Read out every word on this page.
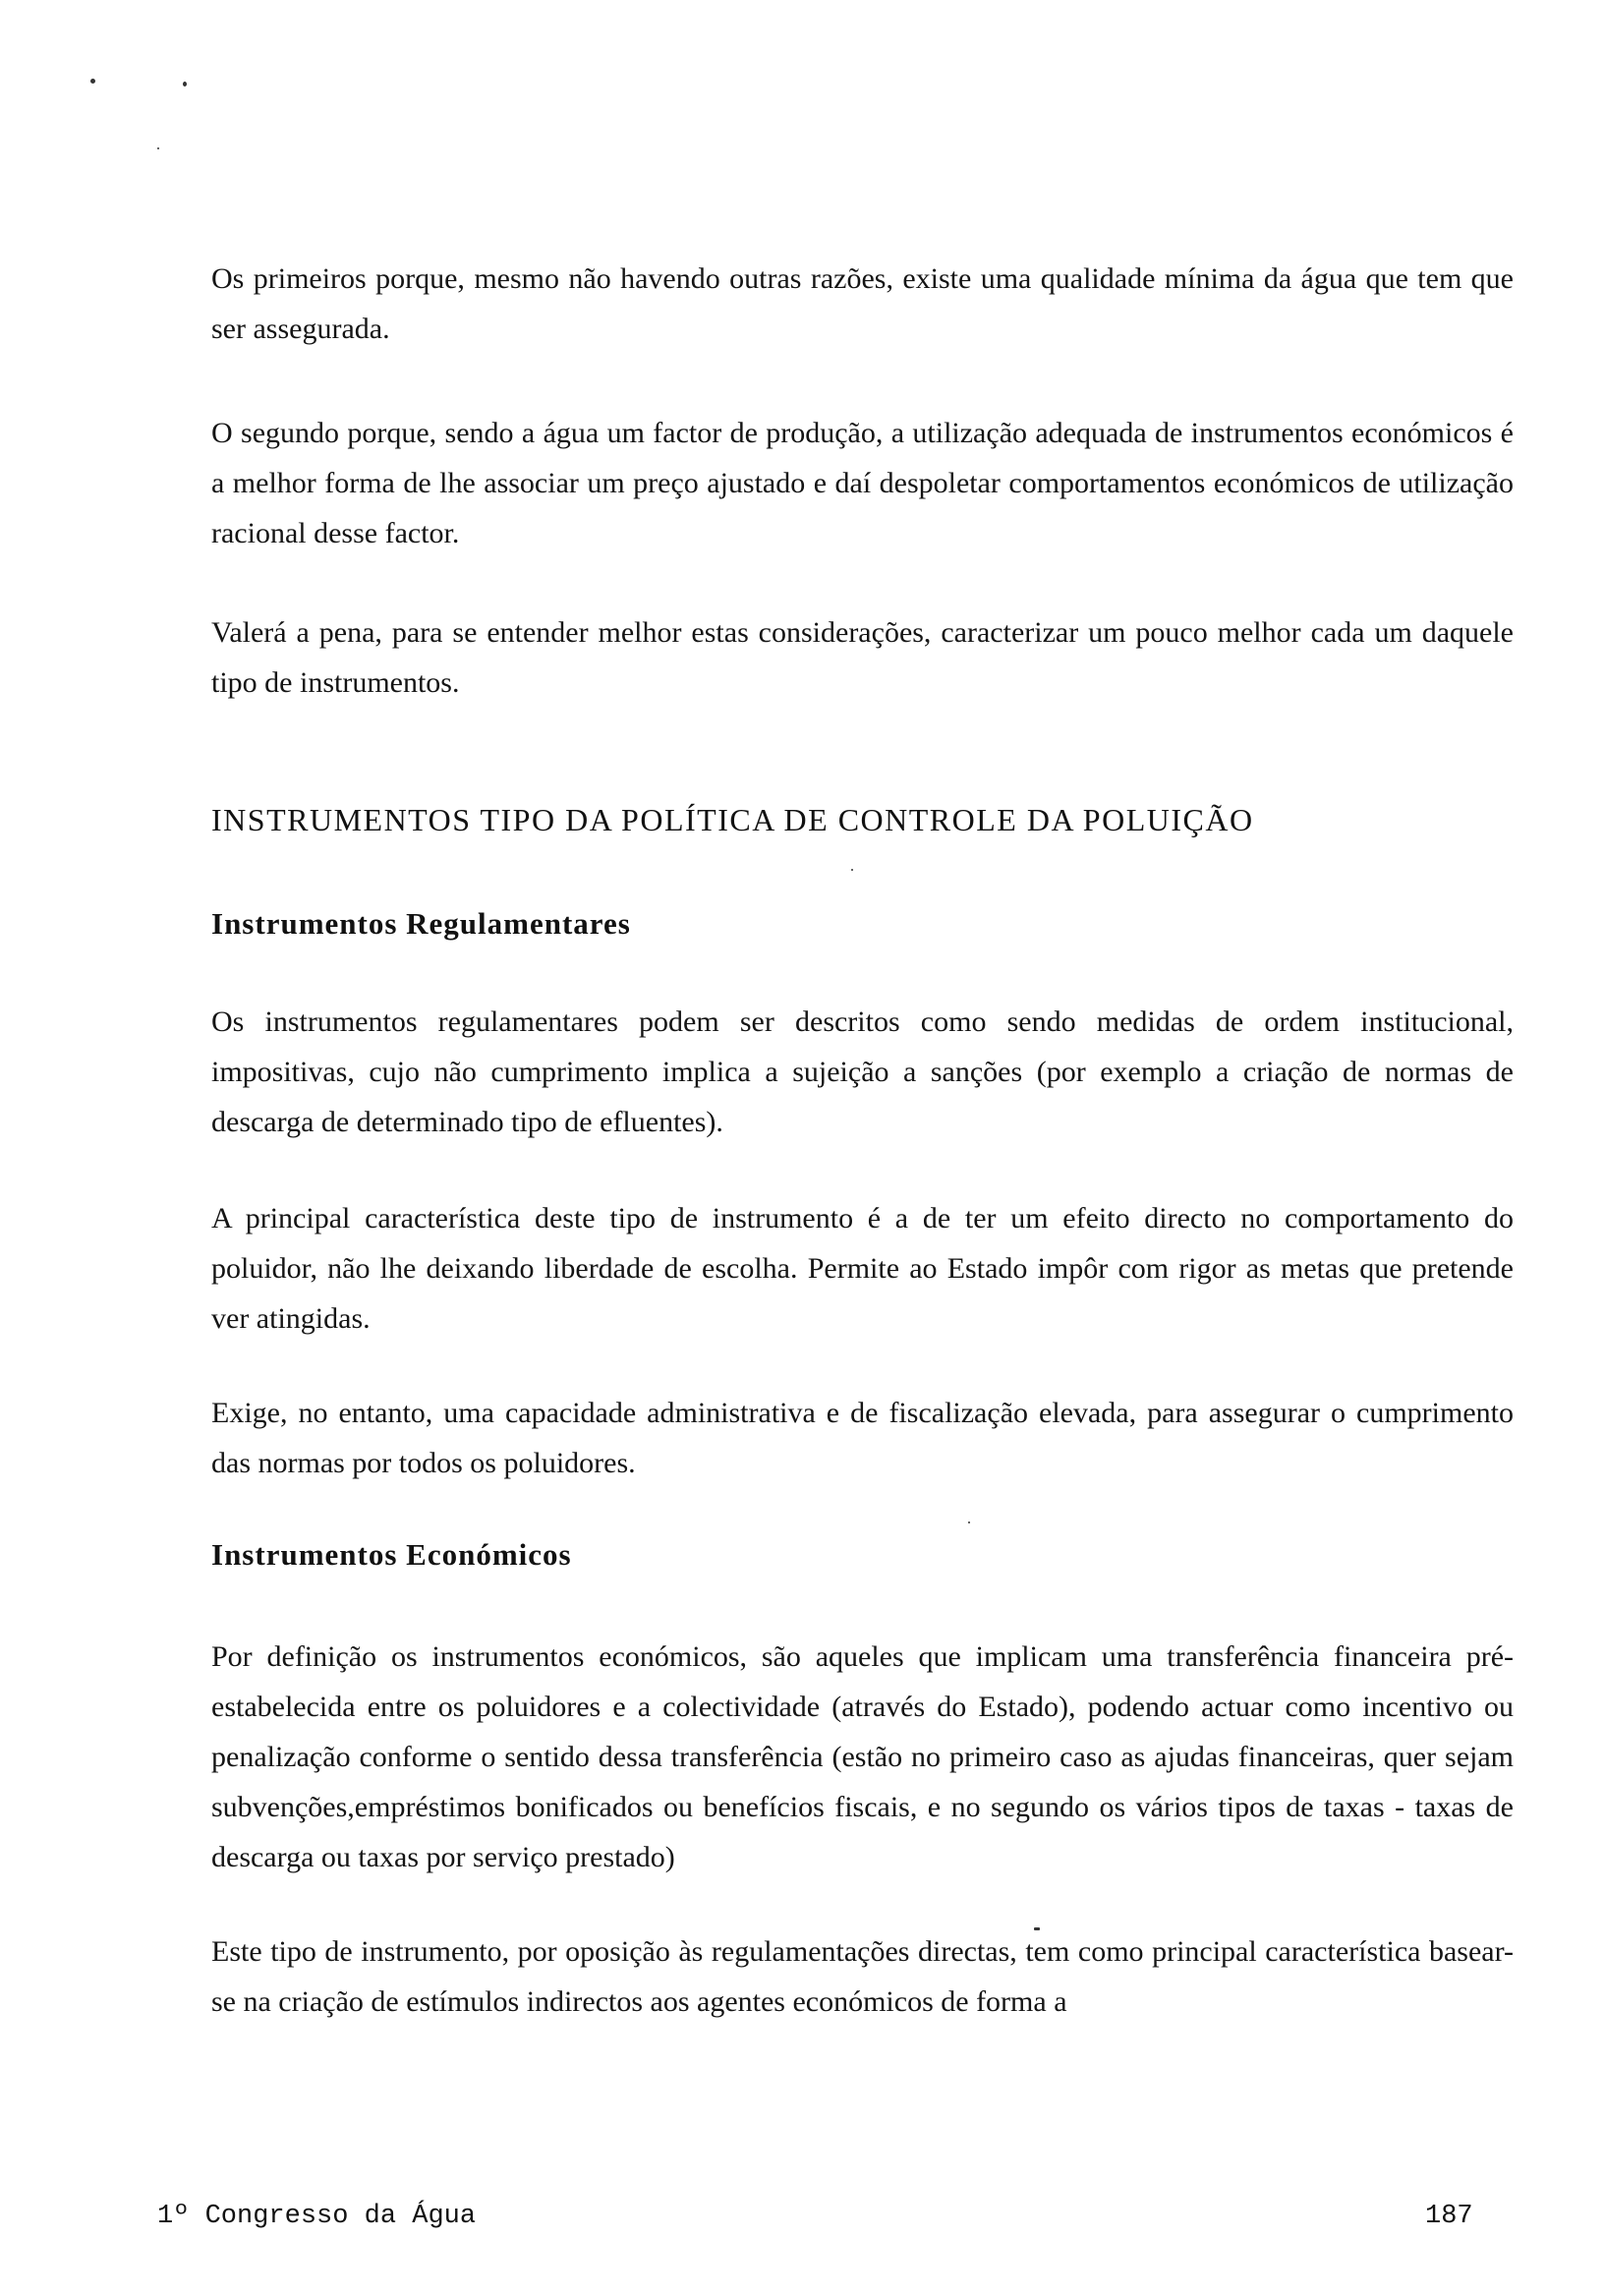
Os primeiros porque, mesmo não havendo outras razões, existe uma qualidade mínima da água que tem que ser assegurada.

O segundo porque, sendo a água um factor de produção, a utilização adequada de instrumentos económicos é a melhor forma de lhe associar um preço ajustado e daí despoletar comportamentos económicos de utilização racional desse factor.

Valerá a pena, para se entender melhor estas considerações, caracterizar um pouco melhor cada um daquele tipo de instrumentos.

INSTRUMENTOS TIPO DA POLÍTICA DE CONTROLE DA POLUIÇÃO
Instrumentos Regulamentares

Os instrumentos regulamentares podem ser descritos como sendo medidas de ordem institucional, impositivas, cujo não cumprimento implica a sujeição a sanções (por exemplo a criação de normas de descarga de determinado tipo de efluentes).

A principal característica deste tipo de instrumento é a de ter um efeito directo no comportamento do poluidor, não lhe deixando liberdade de escolha. Permite ao Estado impôr com rigor as metas que pretende ver atingidas.

Exige, no entanto, uma capacidade administrativa e de fiscalização elevada, para assegurar o cumprimento das normas por todos os poluidores.

Instrumentos Económicos

Por definição os instrumentos económicos, são aqueles que implicam uma transferência financeira pré-estabelecida entre os poluidores e a colectividade (através do Estado), podendo actuar como incentivo ou penalização conforme o sentido dessa transferência (estão no primeiro caso as ajudas financeiras, quer sejam subvenções,empréstimos bonificados ou benefícios fiscais, e no segundo os vários tipos de taxas - taxas de descarga ou taxas por serviço prestado)

Este tipo de instrumento, por oposição às regulamentações directas, tem como principal característica basear-se na criação de estímulos indirectos aos agentes económicos de forma a

1º Congresso da Água	187
